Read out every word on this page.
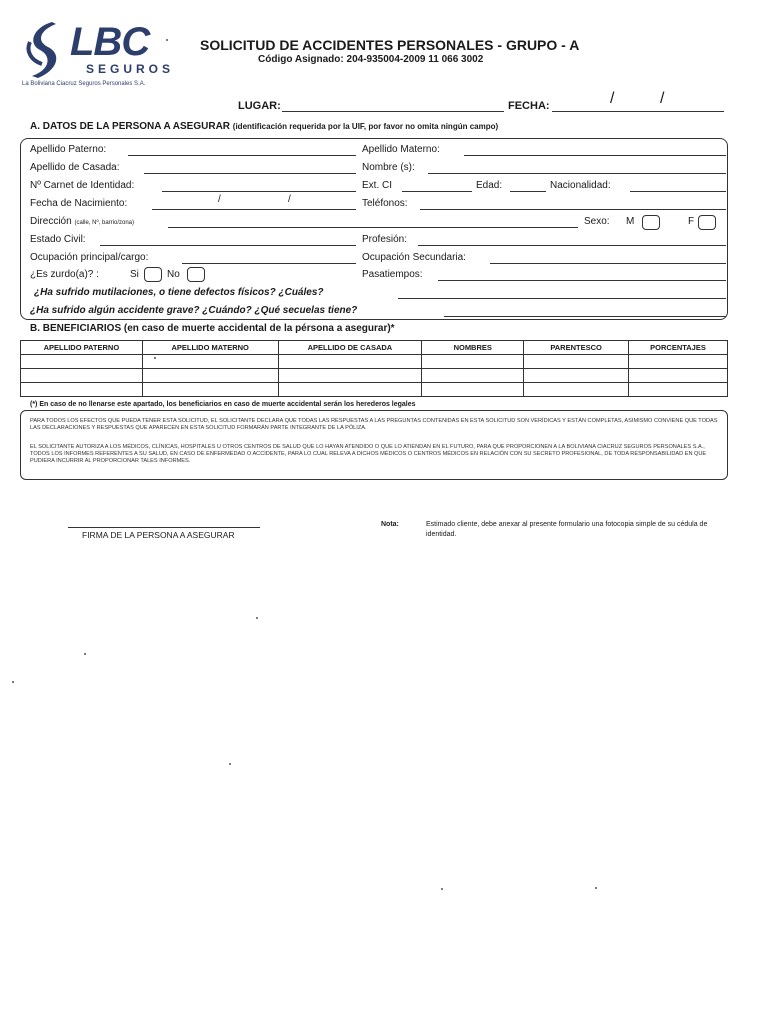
LBC
SEGUROS
La Boliviana Ciacruz Seguros Personales S.A.
SOLICITUD DE ACCIDENTES PERSONALES - GRUPO - A
Código Asignado: 204-935004-2009 11 066 3002
LUGAR:	FECHA:	/	/
A. DATOS DE LA PERSONA A ASEGURAR (identificación requerida por la UIF, por favor no omita ningún campo)
Apellido Paterno:	Apellido Materno:
Apellido de Casada:	Nombre (s):
Nº Carnet de Identidad:	Ext. CI	Edad:	Nacionalidad:
Fecha de Nacimiento:	/	/	Teléfonos:
Dirección (calle, Nº, barrio/zona)	Sexo: M	F
Estado Civil:	Profesión:
Ocupación principal/cargo:	Ocupación Secundaria:
¿Es zurdo(a)? :	Si	No	Pasatiempos:
¿Ha sufrido mutilaciones, o tiene defectos físicos? ¿Cuáles?
¿Ha sufrido algún accidente grave? ¿Cuándo? ¿Qué secuelas tiene?
B. BENEFICIARIOS (en caso de muerte accidental de la pérsona a asegurar)*
APELLIDO PATERNO	APELLIDO MATERNO	APELLIDO DE CASADA	NOMBRES	PARENTESCO	PORCENTAJES

(*) En caso de no llenarse este apartado, los beneficiarios en caso de muerte accidental serán los herederos legales
PARA TODOS LOS EFECTOS QUE PUEDA TENER ESTA SOLICITUD, EL SOLICITANTE DECLARA QUE TODAS LAS RESPUESTAS A LAS PREGUNTAS CONTENIDAS EN ESTA SOLICITUD SON VERÍDICAS Y ESTÁN COMPLETAS, ASIMISMO CONVIENE QUE TODAS LAS DECLARACIONES Y RESPUESTAS QUE APARECEN EN ESTA SOLICITUD FORMARÁN PARTE INTEGRANTE DE LA PÓLIZA.
EL SOLICITANTE AUTORIZA A LOS MÉDICOS, CLÍNICAS, HOSPITALES U OTROS CENTROS DE SALUD QUE LO HAYAN ATENDIDO O QUE LO ATIENDAN EN EL FUTURO, PARA QUE PROPORCIONEN A LA BOLIVIANA CIACRUZ SEGUROS PERSONALES S.A., TODOS LOS INFORMES REFERENTES A SU SALUD, EN CASO DE ENFERMEDAD O ACCIDENTE, PARA LO CUAL RELEVA A DICHOS MÉDICOS O CENTROS MÉDICOS EN RELACIÓN CON SU SECRETO PROFESIONAL, DE TODA RESPONSABILIDAD EN QUE PUDIERA INCURRIR AL PROPORCIONAR TALES INFORMES.
FIRMA DE LA PERSONA A ASEGURAR
Nota:	Estimado cliente, debe anexar al presente formulario una fotocopia simple de su cédula de identidad.
